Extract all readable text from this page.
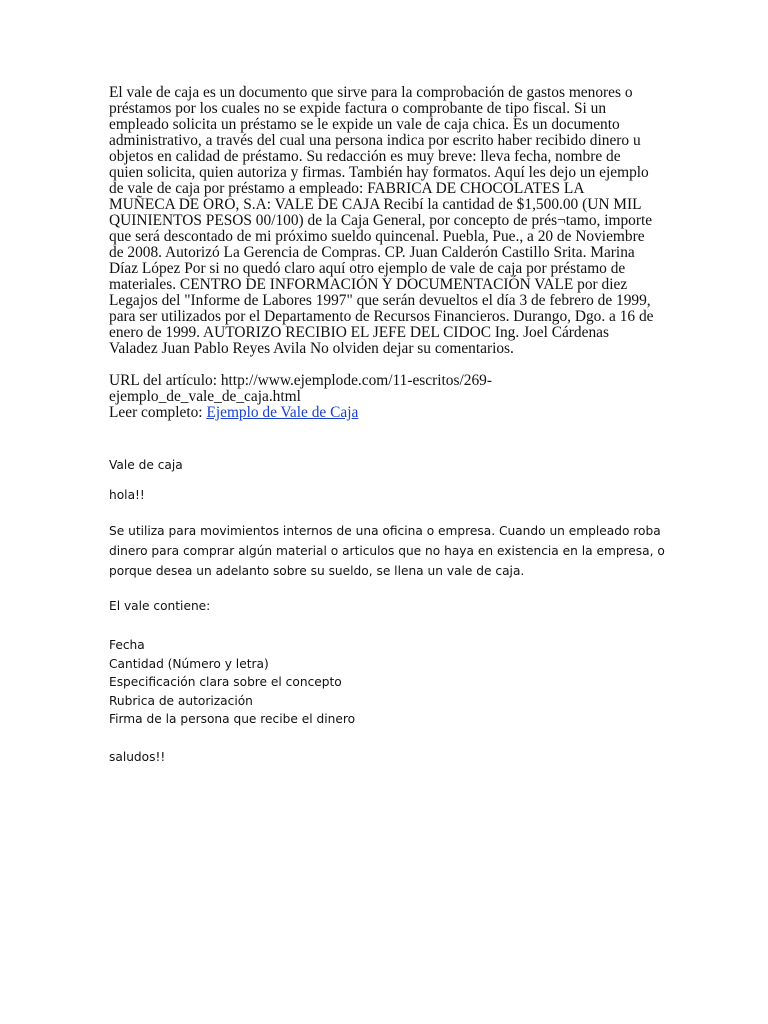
El vale de caja es un documento que sirve para la comprobación de gastos menores o
préstamos por los cuales no se expide factura o comprobante de tipo fiscal. Si un
empleado solicita un préstamo se le expide un vale de caja chica. Es un documento
administrativo, a través del cual una persona indica por escrito haber recibido dinero u
objetos en calidad de préstamo. Su redacción es muy breve: lleva fecha, nombre de
quien solicita, quien autoriza y firmas. También hay formatos. Aquí les dejo un ejemplo
de vale de caja por préstamo a empleado: FABRICA DE CHOCOLATES LA
MUÑECA DE ORO, S.A: VALE DE CAJA Recibí la cantidad de $1,500.00 (UN MIL
QUINIENTOS PESOS 00/100) de la Caja General, por concepto de prés¬tamo, importe
que será descontado de mi próximo sueldo quincenal. Puebla, Pue., a 20 de Noviembre
de 2008. Autorizó La Gerencia de Compras. CP. Juan Calderón Castillo Srita. Marina
Díaz López Por si no quedó claro aquí otro ejemplo de vale de caja por préstamo de
materiales. CENTRO DE INFORMACIÓN Y DOCUMENTACIÓN VALE por diez
Legajos del "Informe de Labores 1997" que serán devueltos el día 3 de febrero de 1999,
para ser utilizados por el Departamento de Recursos Financieros. Durango, Dgo. a 16 de
enero de 1999. AUTORIZO RECIBIO EL JEFE DEL CIDOC Ing. Joel Cárdenas
Valadez Juan Pablo Reyes Avila No olviden dejar su comentarios.

URL del artículo: http://www.ejemplode.com/11-escritos/269-
ejemplo_de_vale_de_caja.html
Leer completo: Ejemplo de Vale de Caja

Vale de caja
hola!!
Se utiliza para movimientos internos de una oficina o empresa. Cuando un empleado roba
dinero para comprar algún material o articulos que no haya en existencia en la empresa, o
porque desea un adelanto sobre su sueldo, se llena un vale de caja.
El vale contiene:
Fecha
Cantidad (Número y letra)
Especificación clara sobre el concepto
Rubrica de autorización
Firma de la persona que recibe el dinero
saludos!!
